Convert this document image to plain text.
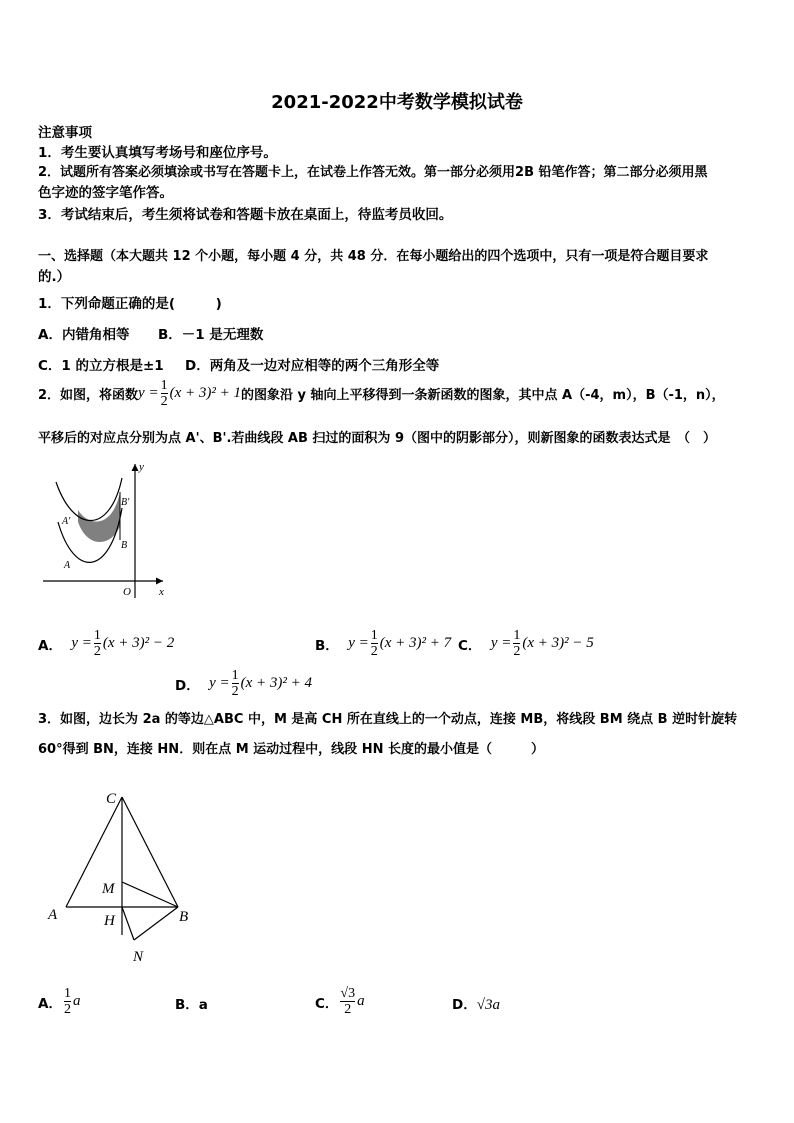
2021-2022中考数学模拟试卷
注意事项
1．考生要认真填写考场号和座位序号。
2．试题所有答案必须填涂或书写在答题卡上，在试卷上作答无效。第一部分必须用2B 铅笔作答；第二部分必须用黑
色字迹的签字笔作答。
3．考试结束后，考生须将试卷和答题卡放在桌面上，待监考员收回。
一、选择题（本大题共 12 个小题，每小题 4 分，共 48 分．在每小题给出的四个选项中，只有一项是符合题目要求
的.）
1．下列命题正确的是(　　　)
A．内错角相等 B．－1 是无理数
C．1 的立方根是±1 D．两角及一边对应相等的两个三角形全等
2．如图，将函数 $y = \frac{1}{2} (x + 3)^2 + 1$ 的图象沿 y 轴向上平移得到一条新函数的图象，其中点 A（-4，m），B（-1，n），
平移后的对应点分别为点 A'、B'.若曲线段 AB 扫过的面积为 9（图中的阴影部分），则新图象的函数表达式是　（　）
y
x
O
A
A'
B
B'
A．
$y = \frac{1}{2} (x + 3)^2 - 2$	B．
$y = \frac{1}{2} (x + 3)^2 + 7$ C．
$y = \frac{1}{2} (x + 3)^2 - 5$
D．
$y = \frac{1}{2} (x + 3)^2 + 4$
3．如图，边长为 2a 的等边△ABC 中，M 是高 CH 所在直线上的一个动点，连接 MB，将线段 BM 绕点 B 逆时针旋转
60°得到 BN，连接 HN．则在点 M 运动过程中，线段 HN 长度的最小值是（　　　）
C
M
A	H	B
N
A． $\frac{1}{2}$ a	B．a	C． $\frac{√3}{2}$ a	D．√3a
